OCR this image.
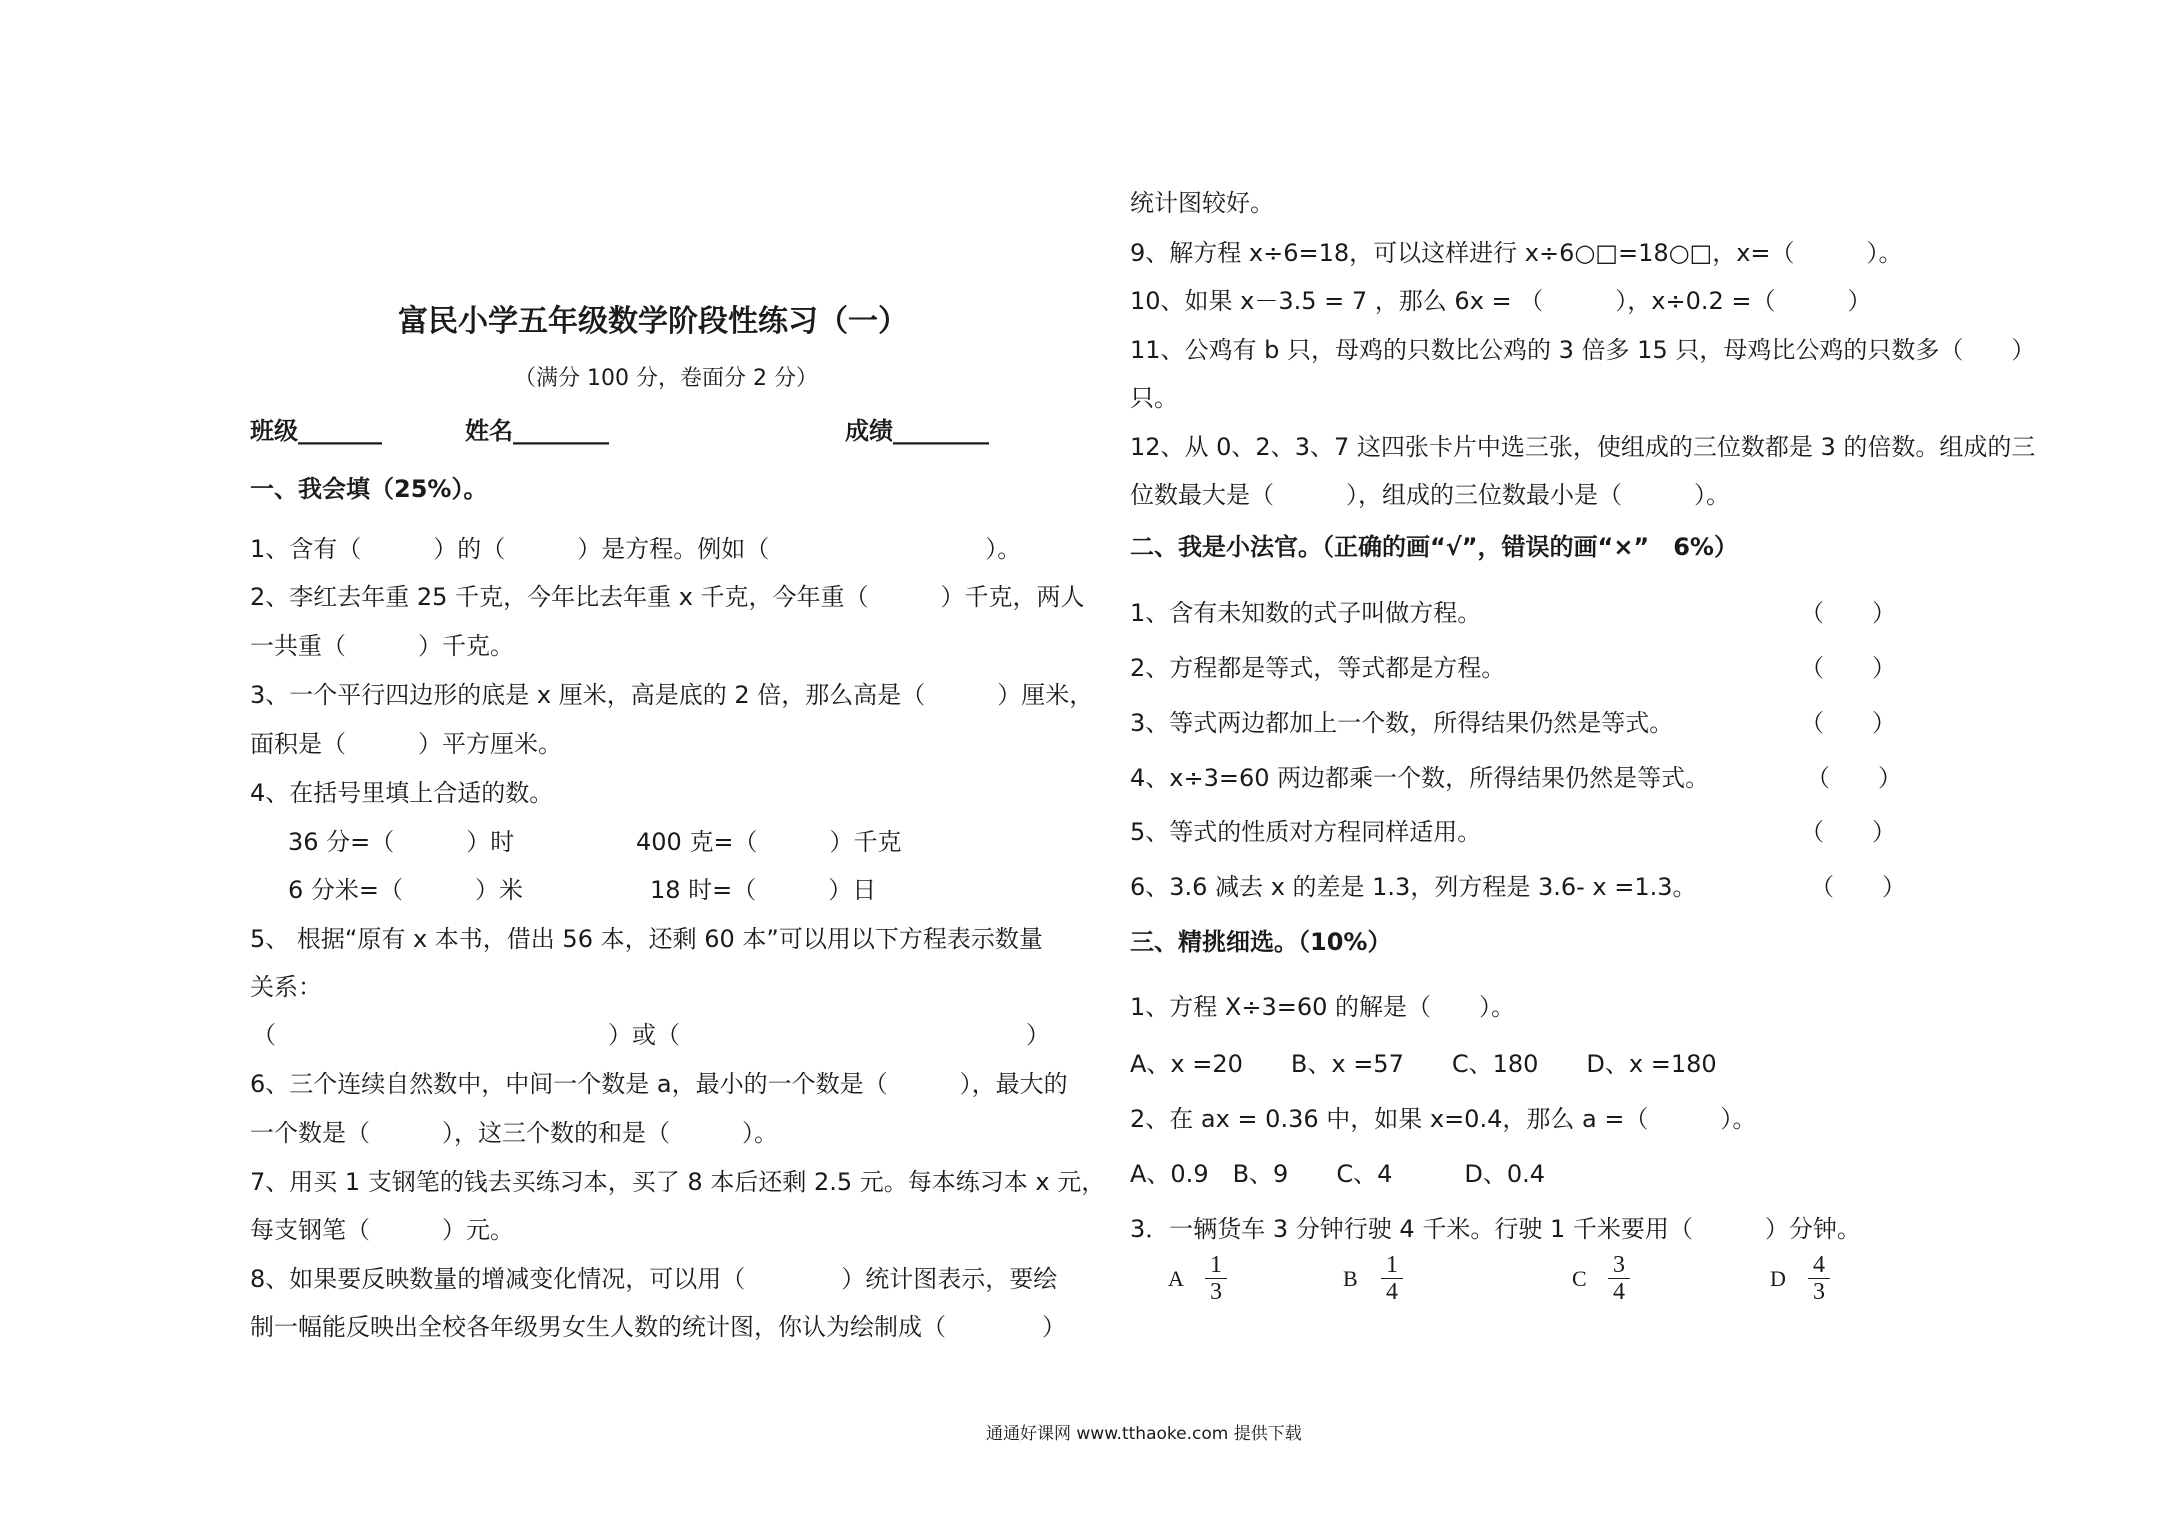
富民小学五年级数学阶段性练习（一）
（满分 100 分，卷面分 2 分）
班级_______	姓名________	成绩________
一、我会填（25%）。
1、含有（　　　）的（　　　）是方程。例如（　　　　　　　　　）。
2、李红去年重 25 千克，今年比去年重 x 千克，今年重（　　　）千克，两人
一共重（　　　）千克。
3、一个平行四边形的底是 x 厘米，高是底的 2 倍，那么高是（　　　）厘米，
面积是（　　　）平方厘米。
4、在括号里填上合适的数。
36 分=（　　　）时	400 克=（　　　）千克
6 分米=（　　　）米	18 时=（　　　）日
5、 根据“原有 x 本书，借出 56 本，还剩 60 本”可以用以下方程表示数量
关系：
（	）或（	）
6、三个连续自然数中，中间一个数是 a，最小的一个数是（　　　），最大的
一个数是（　　　），这三个数的和是（　　　）。
7、用买 1 支钢笔的钱去买练习本，买了 8 本后还剩 2.5 元。每本练习本 x 元，
每支钢笔（　　　）元。
8、如果要反映数量的增减变化情况，可以用（　　　　）统计图表示，要绘
制一幅能反映出全校各年级男女生人数的统计图，你认为绘制成（　　　　）
统计图较好。
9、解方程 x÷6=18，可以这样进行 x÷6○□=18○□，x=（　　　）。
10、如果 x－3.5 = 7 ，那么 6x = （　　　），x÷0.2 =（　　　）
11、公鸡有 b 只，母鸡的只数比公鸡的 3 倍多 15 只，母鸡比公鸡的只数多（　　）
只。
12、从 0、2、3、7 这四张卡片中选三张，使组成的三位数都是 3 的倍数。组成的三
位数最大是（　　　），组成的三位数最小是（　　　）。
二、我是小法官。（正确的画“√”，错误的画“×”　6%）
1、含有未知数的式子叫做方程。	（　　）
2、方程都是等式，等式都是方程。	（　　）
3、等式两边都加上一个数，所得结果仍然是等式。	（　　）
4、x÷3=60 两边都乘一个数，所得结果仍然是等式。	（　　）
5、等式的性质对方程同样适用。	（　　）
6、3.6 减去 x 的差是 1.3，列方程是 3.6- x =1.3。	（　　）
三、精挑细选。（10%）
1、方程 X÷3=60 的解是（　　）。
A、x =20　　B、x =57　　C、180　　D、x =180
2、在 ax = 0.36 中，如果 x=0.4，那么 a =（　　　）。
A、0.9　B、9　　C、4　　　D、0.4
3．一辆货车 3 分钟行驶 4 千米。行驶 1 千米要用（　　　）分钟。
A $\frac{1}{3}$	B $\frac{1}{4}$	C $\frac{3}{4}$	D $\frac{4}{3}$
通通好课网 www.tthaoke.com 提供下载
